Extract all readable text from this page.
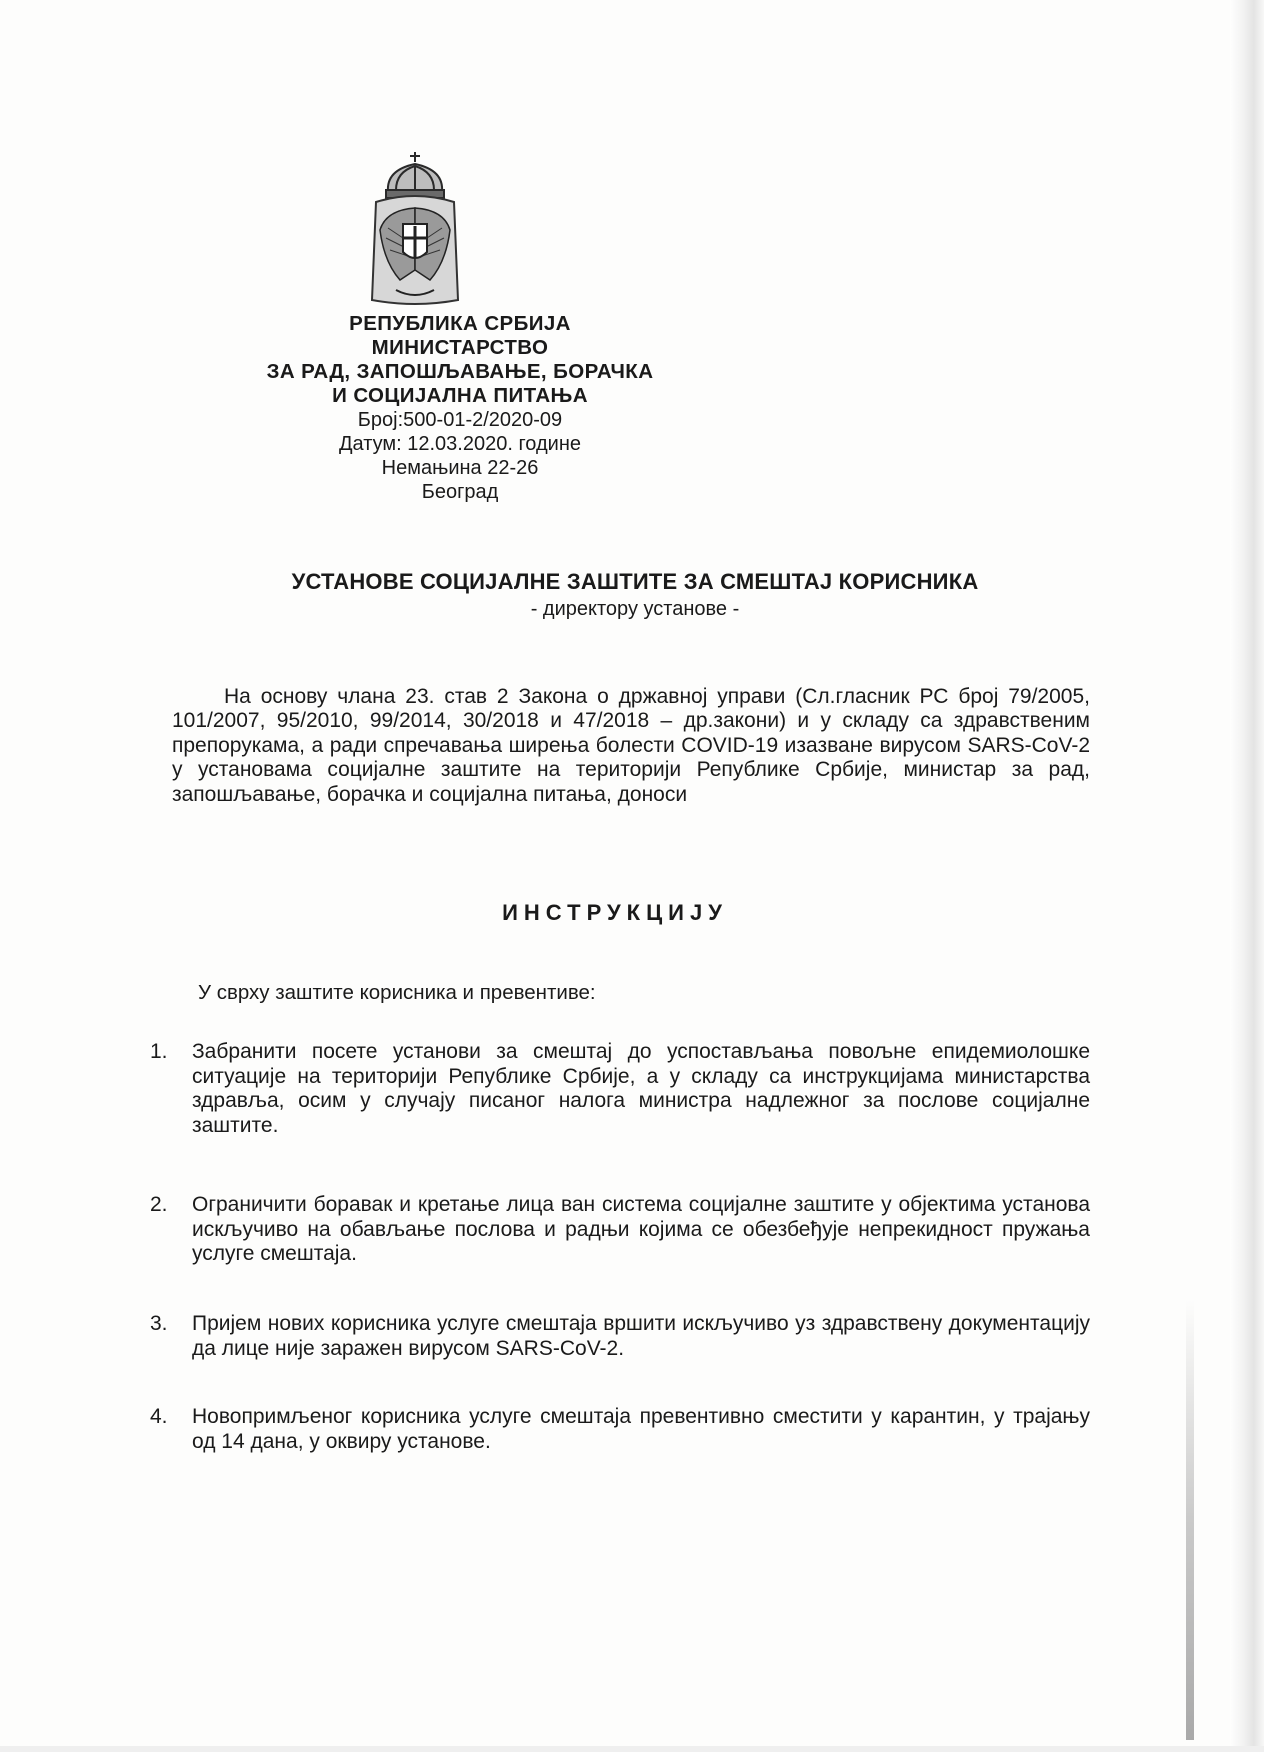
РЕПУБЛИКА СРБИЈА
МИНИСТАРСТВО
ЗА РАД, ЗАПОШЉАВАЊЕ, БОРАЧКА
И СОЦИЈАЛНА ПИТАЊА
Број:500-01-2/2020-09
Датум: 12.03.2020. године
Немањина 22-26
Београд
УСТАНОВЕ СОЦИЈАЛНЕ ЗАШТИТЕ ЗА СМЕШТАЈ КОРИСНИКА
- директору установе -
На основу члана 23. став 2 Закона о државној управи (Сл.гласник РС број 79/2005, 101/2007, 95/2010, 99/2014, 30/2018 и 47/2018 – др.закони) и у складу са здравственим препорукама, а ради спречавања ширења болести COVID-19 изазване вирусом SARS-CoV-2 у установама социјалне заштите на територији Републике Србије, министар за рад, запошљавање, борачка и социјална питања, доноси
ИНСТРУКЦИЈУ
У сврху заштите корисника и превентиве:
1.	Забранити посете установи за смештај до успостављања повољне епидемиолошке ситуације на територији Републике Србије, а у складу са инструкцијама министарства здравља, осим у случају писаног налога министра надлежног за послове социјалне заштите.
2.	Ограничити боравак и кретање лица ван система социјалне заштите у објектима установа искључиво на обављање послова и радњи којима се обезбеђује непрекидност пружања услуге смештаја.
3.	Пријем нових корисника услуге смештаја вршити искључиво уз здравствену документацију да лице није заражен вирусом SARS-CoV-2.
4.	Новопримљеног корисника услуге смештаја превентивно сместити у карантин, у трајању од 14 дана, у оквиру установе.
